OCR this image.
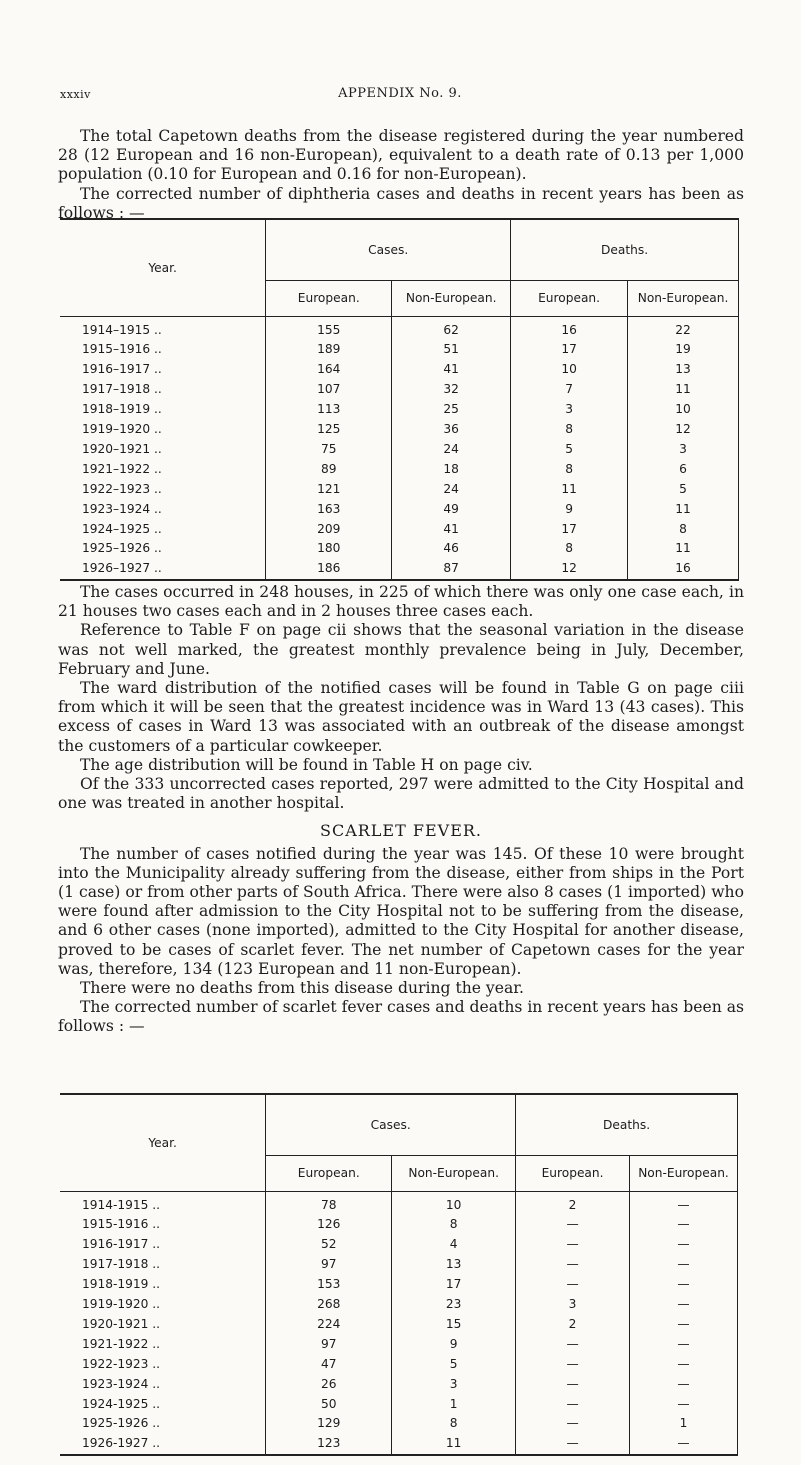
xxxiv	APPENDIX No. 9.

The total Capetown deaths from the disease registered during the year numbered 28 (12 European and 16 non-European), equivalent to a death rate of 0.13 per 1,000 population (0.10 for European and 0.16 for non-European).

The corrected number of diphtheria cases and deaths in recent years has been as follows : —

Year.	Cases.		Deaths.	
	European.	Non-European.	European.	Non-European.
1914–1915 ..	155	62	16	22
1915–1916 ..	189	51	17	19
1916–1917 ..	164	41	10	13
1917–1918 ..	107	32	7	11
1918–1919 ..	113	25	3	10
1919–1920 ..	125	36	8	12
1920–1921 ..	75	24	5	3
1921–1922 ..	89	18	8	6
1922–1923 ..	121	24	11	5
1923–1924 ..	163	49	9	11
1924–1925 ..	209	41	17	8
1925–1926 ..	180	46	8	11
1926–1927 ..	186	87	12	16

The cases occurred in 248 houses, in 225 of which there was only one case each, in 21 houses two cases each and in 2 houses three cases each.

Reference to Table F on page cii shows that the seasonal variation in the disease was not well marked, the greatest monthly prevalence being in July, December, February and June.

The ward distribution of the notified cases will be found in Table G on page ciii from which it will be seen that the greatest incidence was in Ward 13 (43 cases). This excess of cases in Ward 13 was associated with an outbreak of the disease amongst the customers of a particular cowkeeper.

The age distribution will be found in Table H on page civ.

Of the 333 uncorrected cases reported, 297 were admitted to the City Hospital and one was treated in another hospital.

SCARLET FEVER.

The number of cases notified during the year was 145. Of these 10 were brought into the Municipality already suffering from the disease, either from ships in the Port (1 case) or from other parts of South Africa. There were also 8 cases (1 imported) who were found after admission to the City Hospital not to be suffering from the disease, and 6 other cases (none imported), admitted to the City Hospital for another disease, proved to be cases of scarlet fever. The net number of Capetown cases for the year was, therefore, 134 (123 European and 11 non-European).

There were no deaths from this disease during the year.

The corrected number of scarlet fever cases and deaths in recent years has been as follows : —

Year.	Cases.		Deaths.	
	European.	Non-European.	European.	Non-European.
1914-1915 ..	78	10	2	—
1915-1916 ..	126	8	—	—
1916-1917 ..	52	4	—	—
1917-1918 ..	97	13	—	—
1918-1919 ..	153	17	—	—
1919-1920 ..	268	23	3	—
1920-1921 ..	224	15	2	—
1921-1922 ..	97	9	—	—
1922-1923 ..	47	5	—	—
1923-1924 ..	26	3	—	—
1924-1925 ..	50	1	—	—
1925-1926 ..	129	8	—	1
1926-1927 ..	123	11	—	—
